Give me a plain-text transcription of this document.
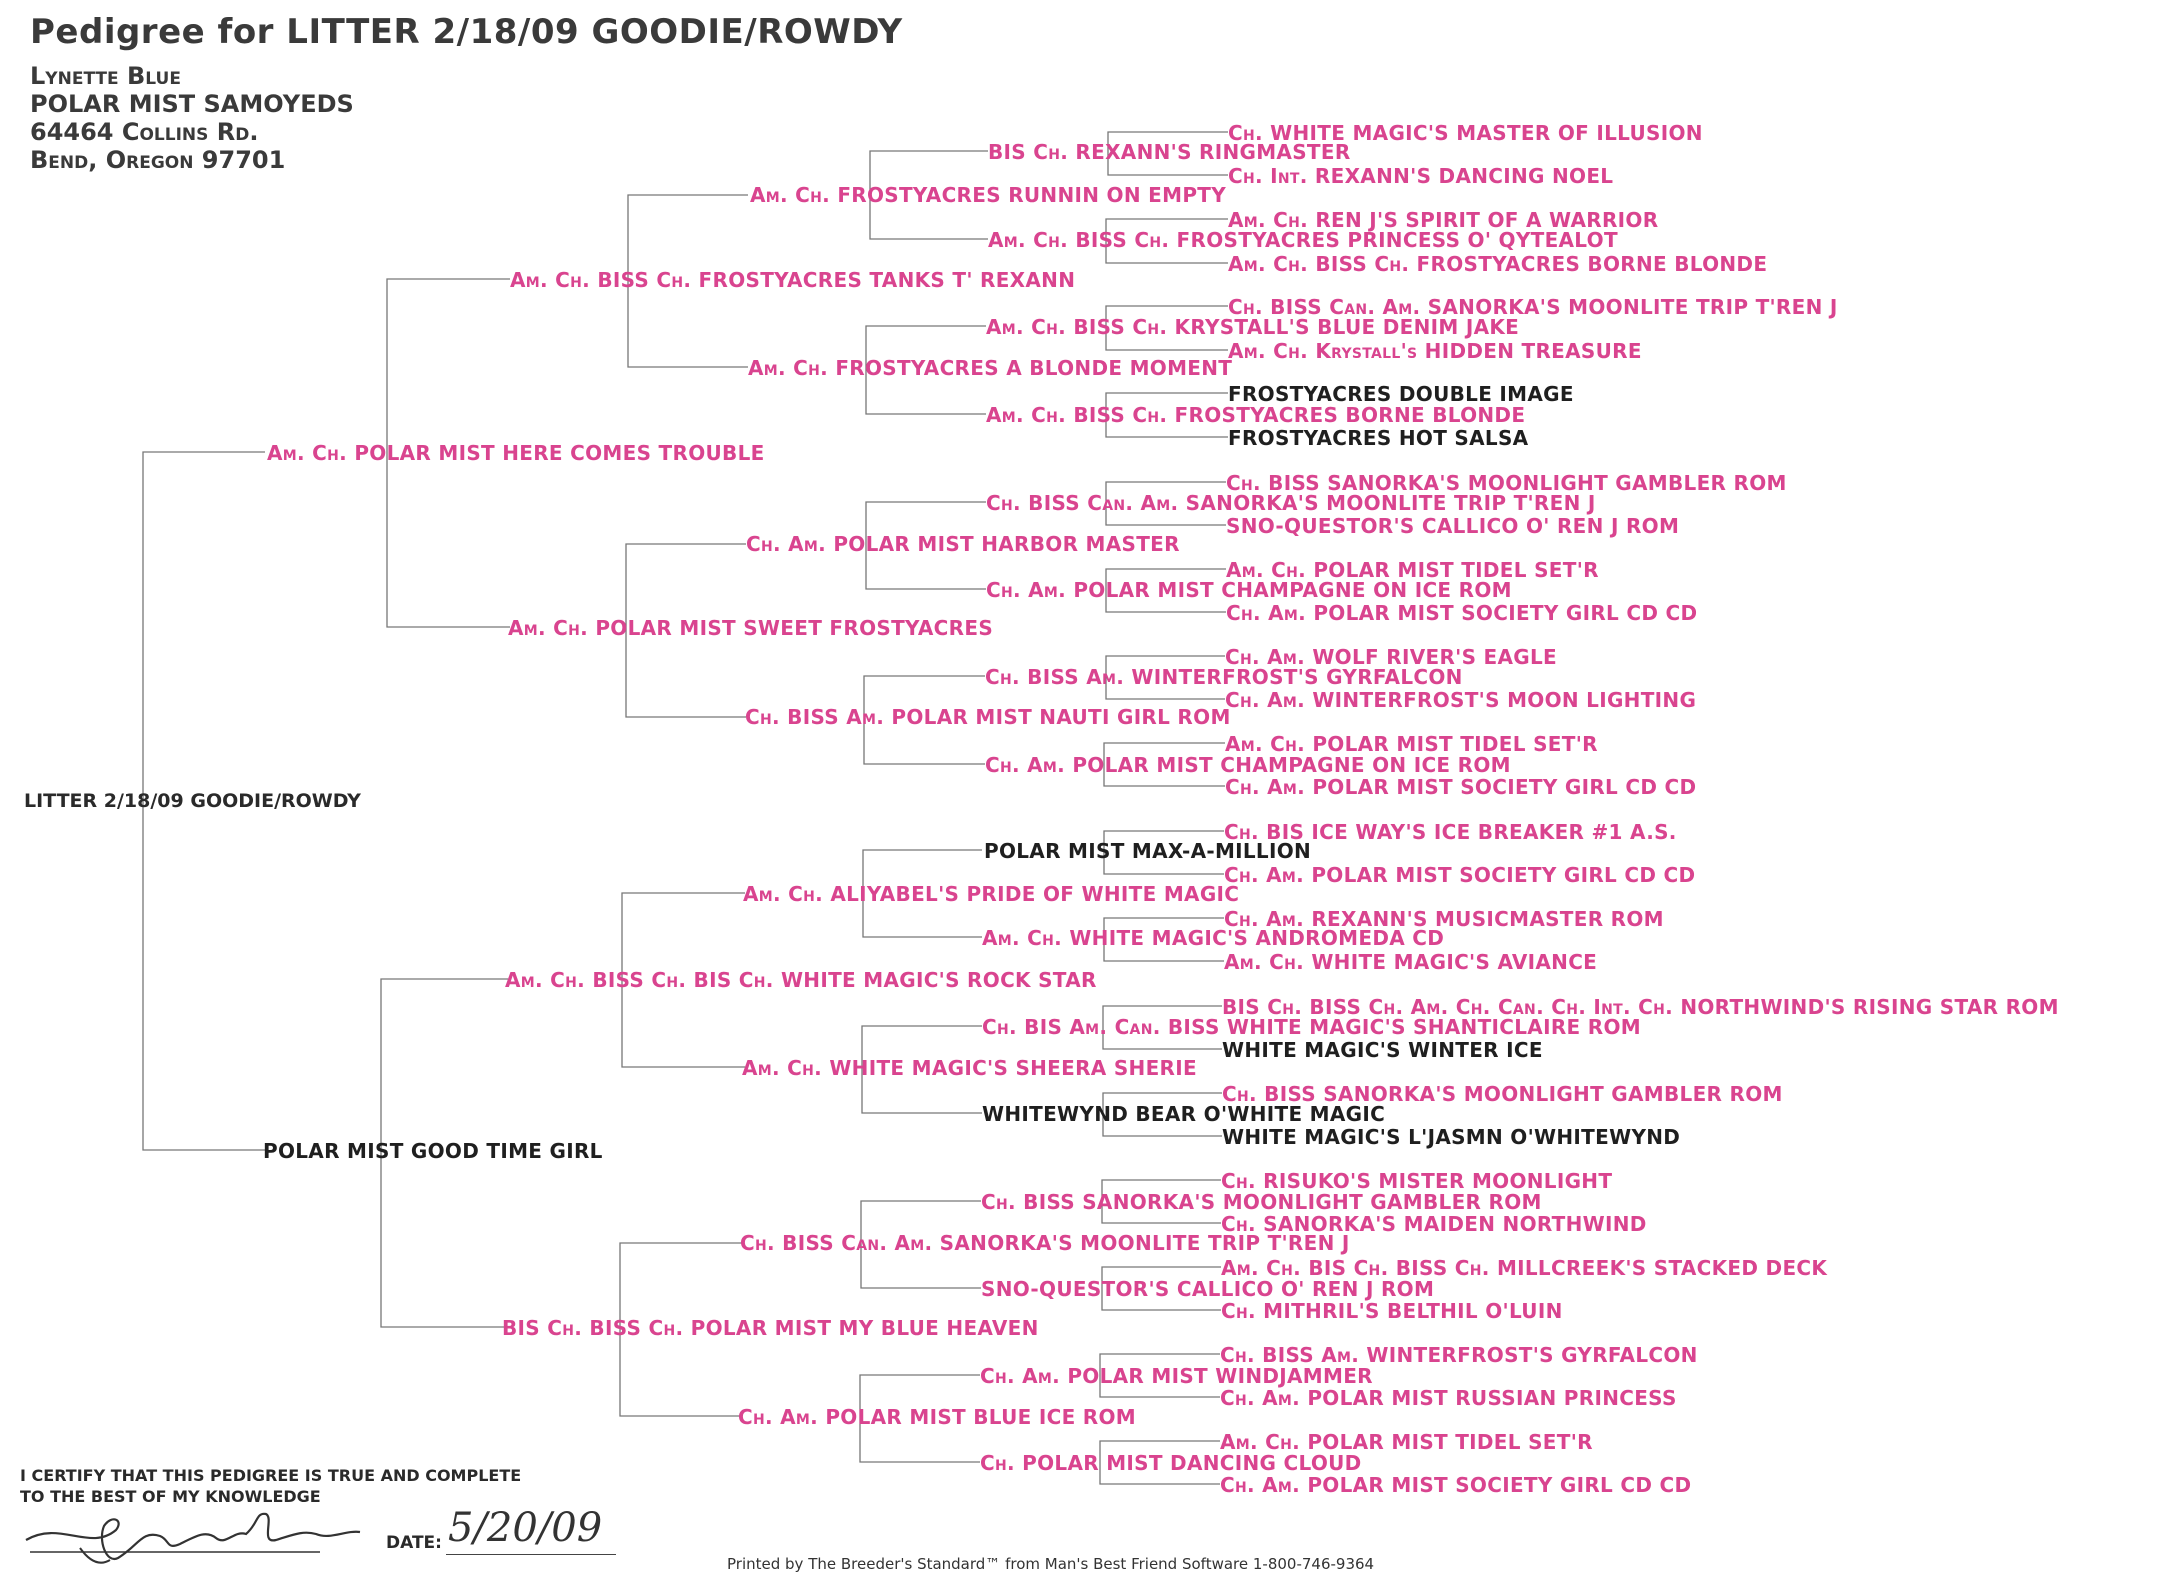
Pedigree for LITTER 2/18/09 GOODIE/ROWDY
Lynette Blue
POLAR MIST SAMOYEDS
64464 Collins Rd.
Bend, Oregon 97701
LITTER 2/18/09 GOODIE/ROWDY
Am. Ch. POLAR MIST HERE COMES TROUBLE
POLAR MIST GOOD TIME GIRL
Am. Ch. BISS Ch. FROSTYACRES TANKS T' REXANN
Am. Ch. POLAR MIST SWEET FROSTYACRES
Am. Ch. BISS Ch. BIS Ch. WHITE MAGIC'S ROCK STAR
BIS Ch. BISS Ch. POLAR MIST MY BLUE HEAVEN
Am. Ch. FROSTYACRES RUNNIN ON EMPTY
Am. Ch. FROSTYACRES A BLONDE MOMENT
Ch. Am. POLAR MIST HARBOR MASTER
Ch. BISS Am. POLAR MIST NAUTI GIRL ROM
Am. Ch. ALIYABEL'S PRIDE OF WHITE MAGIC
Am. Ch. WHITE MAGIC'S SHEERA SHERIE
Ch. BISS Can. Am. SANORKA'S MOONLITE TRIP T'REN J
Ch. Am. POLAR MIST BLUE ICE ROM
BIS Ch. REXANN'S RINGMASTER
Am. Ch. BISS Ch. FROSTYACRES PRINCESS O' QYTEALOT
Am. Ch. BISS Ch. KRYSTALL'S BLUE DENIM JAKE
Am. Ch. BISS Ch. FROSTYACRES BORNE BLONDE
Ch. BISS Can. Am. SANORKA'S MOONLITE TRIP T'REN J
Ch. Am. POLAR MIST CHAMPAGNE ON ICE ROM
Ch. BISS Am. WINTERFROST'S GYRFALCON
Ch. Am. POLAR MIST CHAMPAGNE ON ICE ROM
POLAR MIST MAX-A-MILLION
Am. Ch. WHITE MAGIC'S ANDROMEDA CD
Ch. BIS Am. Can. BISS WHITE MAGIC'S SHANTICLAIRE ROM
WHITEWYND BEAR O'WHITE MAGIC
Ch. BISS SANORKA'S MOONLIGHT GAMBLER ROM
SNO-QUESTOR'S CALLICO O' REN J ROM
Ch. Am. POLAR MIST WINDJAMMER
Ch. POLAR MIST DANCING CLOUD
Ch. WHITE MAGIC'S MASTER OF ILLUSION
Ch. Int. REXANN'S DANCING NOEL
Am. Ch. REN J'S SPIRIT OF A WARRIOR
Am. Ch. BISS Ch. FROSTYACRES BORNE BLONDE
Ch. BISS Can. Am. SANORKA'S MOONLITE TRIP T'REN J
Am. Ch. Krystall's HIDDEN TREASURE
FROSTYACRES DOUBLE IMAGE
FROSTYACRES HOT SALSA
Ch. BISS SANORKA'S MOONLIGHT GAMBLER ROM
SNO-QUESTOR'S CALLICO O' REN J ROM
Am. Ch. POLAR MIST TIDEL SET'R
Ch. Am. POLAR MIST SOCIETY GIRL CD CD
Ch. Am. WOLF RIVER'S EAGLE
Ch. Am. WINTERFROST'S MOON LIGHTING
Am. Ch. POLAR MIST TIDEL SET'R
Ch. Am. POLAR MIST SOCIETY GIRL CD CD
Ch. BIS ICE WAY'S ICE BREAKER #1 A.S.
Ch. Am. POLAR MIST SOCIETY GIRL CD CD
Ch. Am. REXANN'S MUSICMASTER ROM
Am. Ch. WHITE MAGIC'S AVIANCE
BIS Ch. BISS Ch. Am. Ch. Can. Ch. Int. Ch. NORTHWIND'S RISING STAR ROM
WHITE MAGIC'S WINTER ICE
Ch. BISS SANORKA'S MOONLIGHT GAMBLER ROM
WHITE MAGIC'S L'JASMN O'WHITEWYND
Ch. RISUKO'S MISTER MOONLIGHT
Ch. SANORKA'S MAIDEN NORTHWIND
Am. Ch. BIS Ch. BISS Ch. MILLCREEK'S STACKED DECK
Ch. MITHRIL'S BELTHIL O'LUIN
Ch. BISS Am. WINTERFROST'S GYRFALCON
Ch. Am. POLAR MIST RUSSIAN PRINCESS
Am. Ch. POLAR MIST TIDEL SET'R
Ch. Am. POLAR MIST SOCIETY GIRL CD CD
I CERTIFY THAT THIS PEDIGREE IS TRUE AND COMPLETE
TO THE BEST OF MY KNOWLEDGE
DATE: 5/20/09
Printed by The Breeder's Standard™ from Man's Best Friend Software 1-800-746-9364
